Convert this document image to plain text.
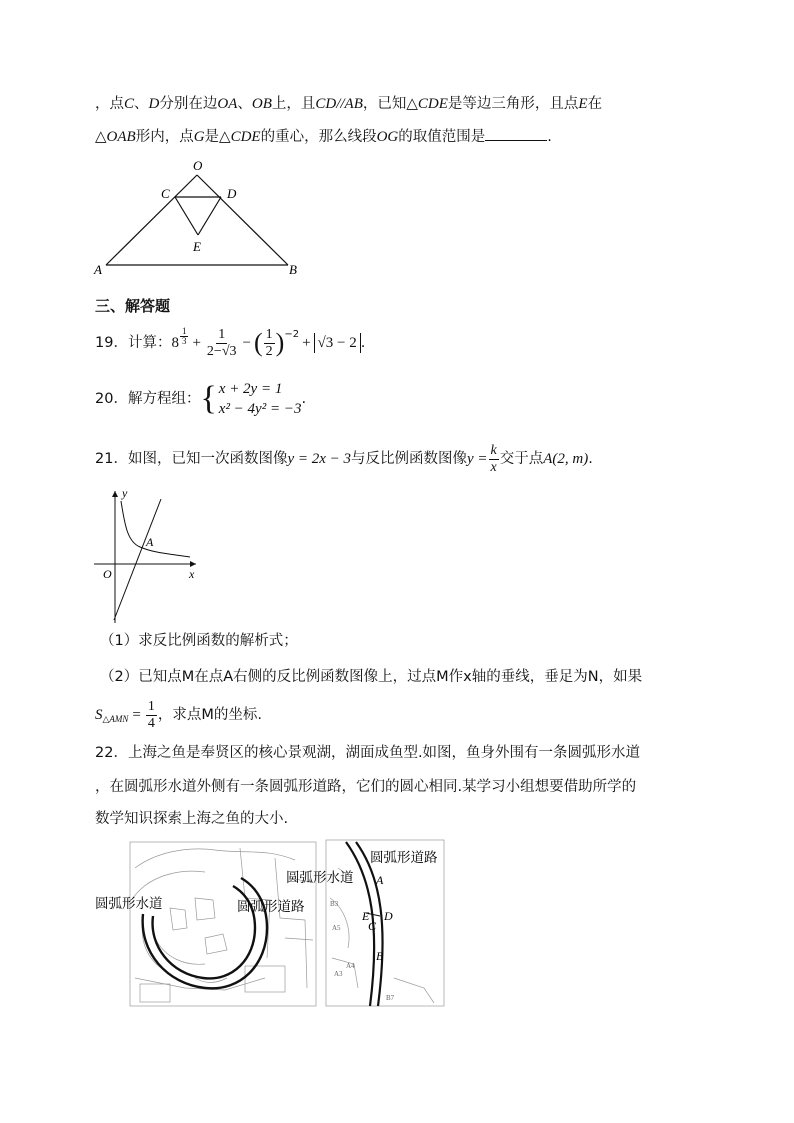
，点C、D分别在边OA、OB上，且CD//AB，已知△CDE是等边三角形，且点E在
△OAB形内，点G是△CDE的重心，那么线段OG的取值范围是	.
O
C	D
E
A	B
三、解答题
19． 计算： $8 \frac{1}{3} + \frac{1}{2-√3}$ − ( $\frac{1}{2} )^{-2}$
+ √3 − 2 .
20． 解方程组： { x + 2y = 1
x² − 4y² = −3
.
21． 如图，已知一次函数图像 y = 2x − 3 与反比例函数图像 $y = \frac{k}{x}$ 交于点 A(2, m) .
y
A
O	x
（1）求反比例函数的解析式；
（2）已知点M在点A右侧的反比例函数图像上，过点M作x轴的垂线，垂足为N，如果
$S_{\triangle AMN} = \frac{1}{4}$ ，求点M的坐标.
22．上海之鱼是奉贤区的核心景观湖，湖面成鱼型.如图，鱼身外围有一条圆弧形水道
，在圆弧形水道外侧有一条圆弧形道路，它们的圆心相同.某学习小组想要借助所学的
数学知识探索上海之鱼的大小.
圆弧形水道	圆弧形道路
圆弧形道路
圆弧形水道 A
E
C
D
B
B3
A5
A4
A3
B7
